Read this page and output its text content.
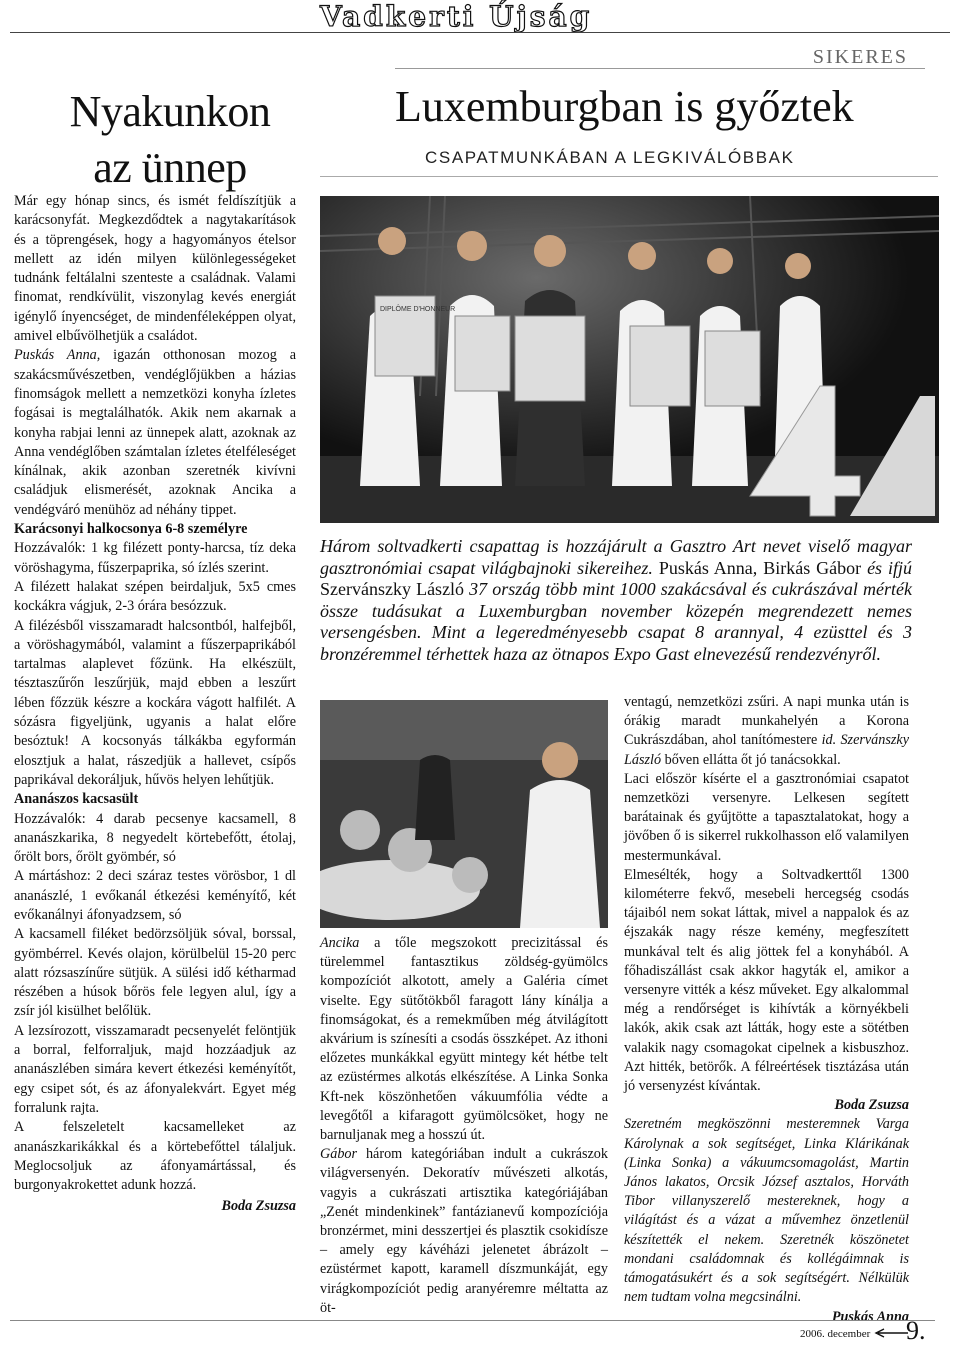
Vadkerti Újság
SIKERES
Nyakunkon
az ünnep
Luxemburgban is győztek
CSAPATMUNKÁBAN A LEGKIVÁLÓBBAK

Már egy hónap sincs, és ismét feldíszítjük a karácsonyfát. Megkezdődtek a nagytakarítások és a töprengések, hogy a hagyományos ételsor mellett az idén milyen különlegességeket tudnánk feltálalni szenteste a családnak. Valami finomat, rendkívülit, viszonylag kevés energiát igénylő ínyencséget, de mindenféleképpen olyat, amivel elbűvölhetjük a családot.

Puskás Anna, igazán otthonosan mozog a szakácsművészetben, vendéglőjükben a házias finomságok mellett a nemzetközi konyha ízletes fogásai is megtalálhatók. Akik nem akarnak a konyha rabjai lenni az ünnepek alatt, azoknak az Anna vendéglőben számtalan ízletes ételféleséget kínálnak, akik azonban szeretnék kivívni családjuk elismerését, azoknak Ancika a vendégváró menühöz ad néhány tippet.

Karácsonyi halkocsonya 6-8 személyre

Hozzávalók: 1 kg filézett ponty-harcsa, tíz deka vöröshagyma, fűszerpaprika, só ízlés szerint.

A filézett halakat szépen beirdaljuk, 5x5 cmes kockákra vágjuk, 2-3 órára besózzuk.

A filézésből visszamaradt halcsontból, halfejből, a vöröshagymából, valamint a fűszerpaprikából tartalmas alaplevet főzünk. Ha elkészült, tésztaszűrőn leszűrjük, majd ebben a leszűrt lében főzzük készre a kockára vágott halfilét. A sózásra figyeljünk, ugyanis a halat előre besóztuk! A kocsonyás tálkákba egyformán elosztjuk a halat, rászedjük a hallevet, csípős paprikával dekoráljuk, hűvös helyen lehűtjük.

Ananászos kacsasült

Hozzávalók: 4 darab pecsenye kacsamell, 8 ananászkarika, 8 negyedelt körtebefőtt, étolaj, őrölt bors, őrölt gyömbér, só

A mártáshoz: 2 deci száraz testes vörösbor, 1 dl ananászlé, 1 evőkanál étkezési keményítő, két evőkanálnyi áfonyadzsem, só

A kacsamell filéket bedörzsöljük sóval, borssal, gyömbérrel. Kevés olajon, körülbelül 15-20 perc alatt rózsaszínűre sütjük. A sülési idő kétharmad részében a húsok bőrös fele legyen alul, így a zsír jól kisülhet belőlük.

A lezsírozott, visszamaradt pecsenyelét felöntjük a borral, felforraljuk, majd hozzáadjuk az ananászlében simára kevert étkezési keményítőt, egy csipet sót, és az áfonyalekvárt. Egyet még forralunk rajta.

A felszeletelt kacsamelleket az ananászkarikákkal és a körtebefőttel tálaljuk. Meglocsoljuk az áfonyamártással, és burgonyakrokettet adunk hozzá.

Boda Zsuzsa

DIPLÔME D'HONNEUR
Három soltvadkerti csapattag is hozzájárult a Gasztro Art nevet viselő magyar gasztronómiai csapat világbajnoki sikereihez. Puskás Anna, Birkás Gábor és ifjú Szervánszky László 37 ország több mint 1000 szakácsával és cukrászával mérték össze tudásukat a Luxemburgban november közepén megrendezett nemes versengésben. Mint a legeredményesebb csapat 8 arannyal, 4 ezüsttel és 3 bronzéremmel térhettek haza az ötnapos Expo Gast elnevezésű rendezvényről.

Ancika a tőle megszokott precizitással és türelemmel fantasztikus zöldség-gyümölcs kompozíciót alkotott, amely a Galéria címet viselte. Egy sütőtökből faragott lány kínálja a finomságokat, és a remekműben még átvilágított akvárium is színesíti a csodás összképet. Az ithoni előzetes munkákkal együtt mintegy két hétbe telt az ezüstérmes alkotás elkészítése. A Linka Sonka Kft-nek köszönhetően vákuumfólia védte a levegőtől a kifaragott gyümölcsöket, hogy ne barnuljanak meg a hosszú út.

Gábor három kategóriában indult a cukrászok világversenyén. Dekoratív művészeti alkotás, vagyis a cukrászati artisztika kategóriájában „Zenét mindenkinek” fantázianevű kompozíciója bronzérmet, mini desszertjei és plasztik csokidísze – amely egy kávéházi jelenetet ábrázolt – ezüstérmet kapott, karamell díszmunkáját, egy virágkompozíciót pedig aranyéremre méltatta az öt-

ventagú, nemzetközi zsűri. A napi munka után is órákig maradt munkahelyén a Korona Cukrászdában, ahol tanítómestere id. Szervánszky László bőven ellátta őt jó tanácsokkal.

Laci először kísérte el a gasztronómiai csapatot nemzetközi versenyre. Lelkesen segített barátainak és gyűjtötte a tapasztalatokat, hogy a jövőben ő is sikerrel rukkolhasson elő valamilyen mestermunkával.

Elmesélték, hogy a Soltvadkerttől 1300 kilométerre fekvő, mesebeli hercegség csodás tájaiból nem sokat láttak, mivel a nappalok és az éjszakák nagy része kemény, megfeszített munkával telt és alig jöttek fel a konyhából. A főhadiszállást csak akkor hagyták el, amikor a versenyre vitték a kész műveket. Egy alkalommal még a rendőrséget is kihívták a környékbeli lakók, akik csak azt látták, hogy este a sötétben valakik nagy csomagokat cipelnek a kisbuszhoz. Azt hitték, betörők. A félreértések tisztázása után jó versenyzést kívántak.

Boda Zsuzsa

Szeretném megköszönni mesteremnek Varga Károlynak a sok segítséget, Linka Klárikának (Linka Sonka) a vákuumcsomagolást, Martin János lakatos, Orcsik József asztalos, Horváth Tibor villanyszerelő mestereknek, hogy a világítást és a vázat a művemhez önzetlenül készítették el nekem. Szeretnék köszönetet mondani családomnak és kollégáimnak is támogatásukért és a sok segítségért. Nélkülük nem tudtam volna megcsinálni.

Puskás Anna

2006. december 9.
